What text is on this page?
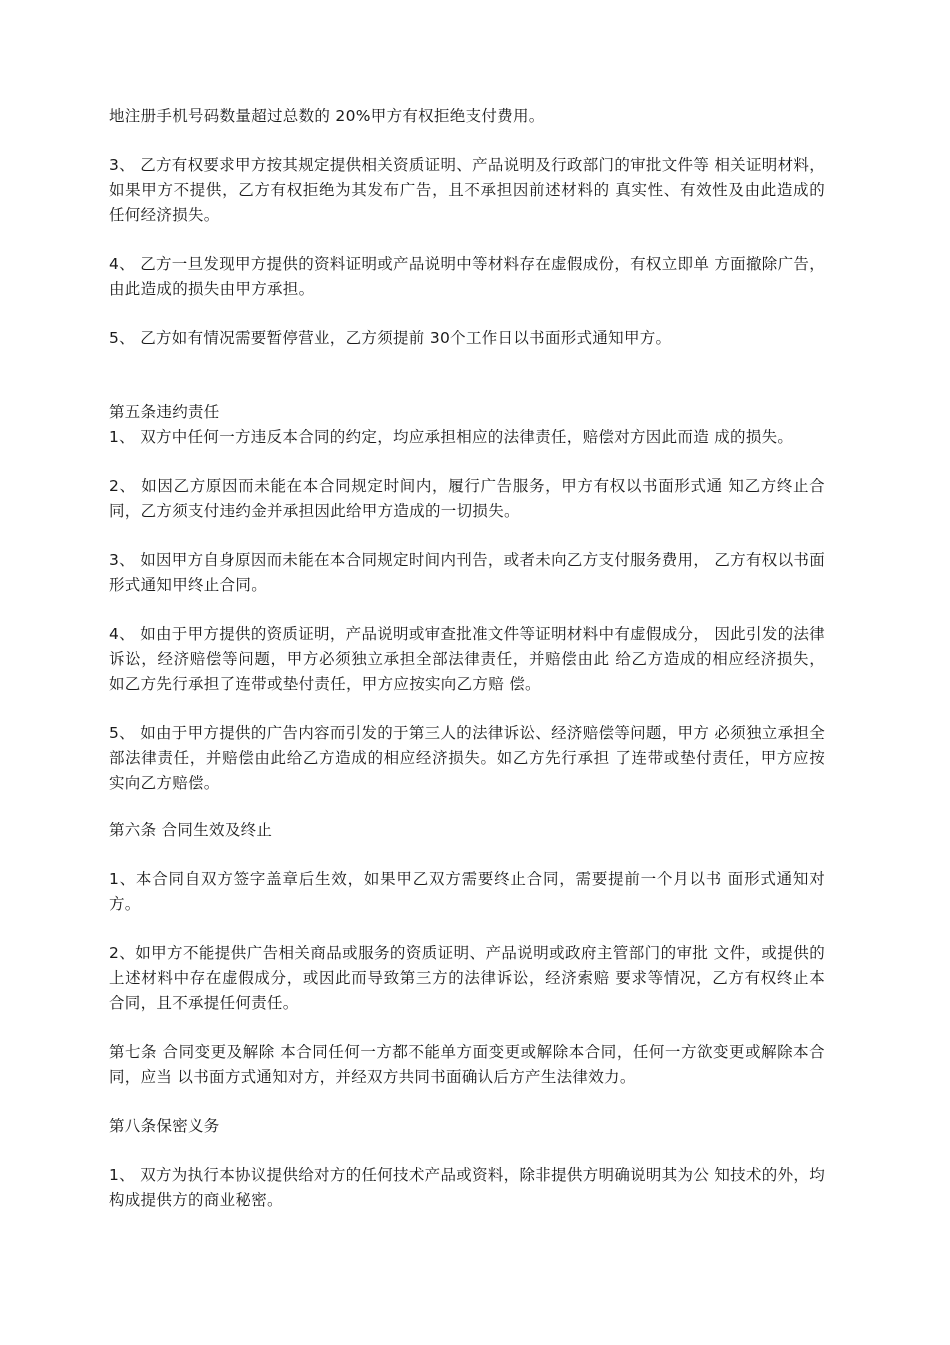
地注册手机号码数量超过总数的 20%甲方有权拒绝支付费用。

3、 乙方有权要求甲方按其规定提供相关资质证明、产品说明及行政部门的审批文件等 相关证明材料，如果甲方不提供，乙方有权拒绝为其发布广告，且不承担因前述材料的 真实性、有效性及由此造成的任何经济损失。

4、 乙方一旦发现甲方提供的资料证明或产品说明中等材料存在虚假成份，有权立即单 方面撤除广告，由此造成的损失由甲方承担。

5、 乙方如有情况需要暂停营业，乙方须提前 30个工作日以书面形式通知甲方。

第五条违约责任

1、 双方中任何一方违反本合同的约定，均应承担相应的法律责任，赔偿对方因此而造 成的损失。

2、 如因乙方原因而未能在本合同规定时间内，履行广告服务，甲方有权以书面形式通 知乙方终止合同，乙方须支付违约金并承担因此给甲方造成的一切损失。

3、 如因甲方自身原因而未能在本合同规定时间内刊告，或者未向乙方支付服务费用， 乙方有权以书面形式通知甲终止合同。

4、 如由于甲方提供的资质证明，产品说明或审查批准文件等证明材料中有虚假成分， 因此引发的法律诉讼，经济赔偿等问题，甲方必须独立承担全部法律责任，并赔偿由此 给乙方造成的相应经济损失，如乙方先行承担了连带或垫付责任，甲方应按实向乙方赔 偿。

5、 如由于甲方提供的广告内容而引发的于第三人的法律诉讼、经济赔偿等问题，甲方 必须独立承担全部法律责任，并赔偿由此给乙方造成的相应经济损失。如乙方先行承担 了连带或垫付责任，甲方应按实向乙方赔偿。

第六条 合同生效及终止

1、本合同自双方签字盖章后生效，如果甲乙双方需要终止合同，需要提前一个月以书 面形式通知对方。

2、如甲方不能提供广告相关商品或服务的资质证明、产品说明或政府主管部门的审批 文件，或提供的上述材料中存在虚假成分，或因此而导致第三方的法律诉讼，经济索赔 要求等情况，乙方有权终止本合同，且不承提任何责任。

第七条 合同变更及解除 本合同任何一方都不能单方面变更或解除本合同，任何一方欲变更或解除本合同，应当 以书面方式通知对方，并经双方共同书面确认后方产生法律效力。

第八条保密义务

1、 双方为执行本协议提供给对方的任何技术产品或资料，除非提供方明确说明其为公 知技术的外，均构成提供方的商业秘密。
